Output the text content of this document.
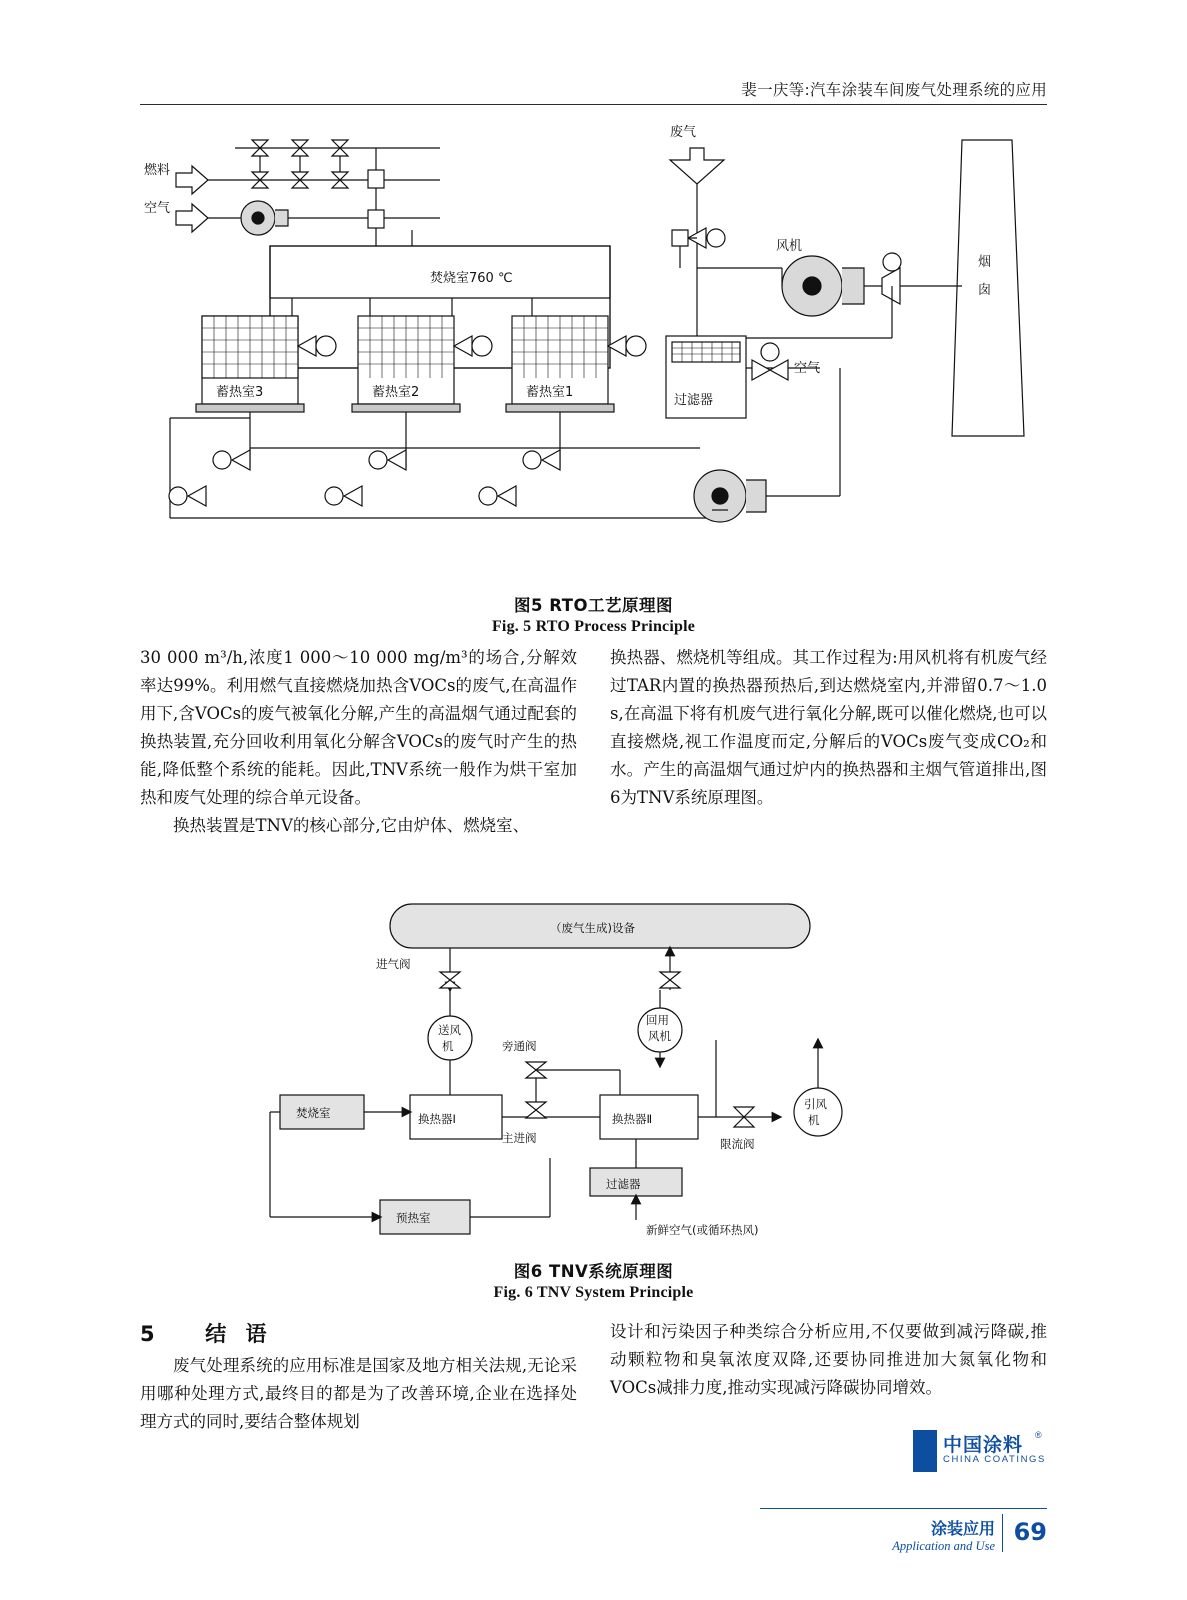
裴一庆等:汽车涂装车间废气处理系统的应用
燃料
空气
废气
焚烧室760 ℃
蓄热室3	蓄热室2	蓄热室1
过滤器
空气
风机
烟
囱
图5 RTO工艺原理图
Fig. 5 RTO Process Principle

30 000 m³/h,浓度1 000～10 000 mg/m³的场合,分解效率达99%。利用燃气直接燃烧加热含VOCs的废气,在高温作用下,含VOCs的废气被氧化分解,产生的高温烟气通过配套的换热装置,充分回收利用氧化分解含VOCs的废气时产生的热能,降低整个系统的能耗。因此,TNV系统一般作为烘干室加热和废气处理的综合单元设备。

换热装置是TNV的核心部分,它由炉体、燃烧室、

换热器、燃烧机等组成。其工作过程为:用风机将有机废气经过TAR内置的换热器预热后,到达燃烧室内,并滞留0.7～1.0 s,在高温下将有机废气进行氧化分解,既可以催化燃烧,也可以直接燃烧,视工作温度而定,分解后的VOCs废气变成CO₂和水。产生的高温烟气通过炉内的换热器和主烟气管道排出,图6为TNV系统原理图。

（废气生成)设备
进气阀
送风
机
回用
风机
旁通阀
主进阀
焚烧室	换热器Ⅰ	换热器Ⅱ
过滤器
限流阀
引风
机
预热室
新鲜空气(或循环热风)
图6 TNV系统原理图
Fig. 6 TNV System Principle
5 结 语

废气处理系统的应用标准是国家及地方相关法规,无论采用哪种处理方式,最终目的都是为了改善环境,企业在选择处理方式的同时,要结合整体规划

设计和污染因子种类综合分析应用,不仅要做到减污降碳,推动颗粒物和臭氧浓度双降,还要协同推进加大氮氧化物和VOCs减排力度,推动实现减污降碳协同增效。

中国涂料
CHINA COATINGS
®
涂装应用
Application and Use 69
